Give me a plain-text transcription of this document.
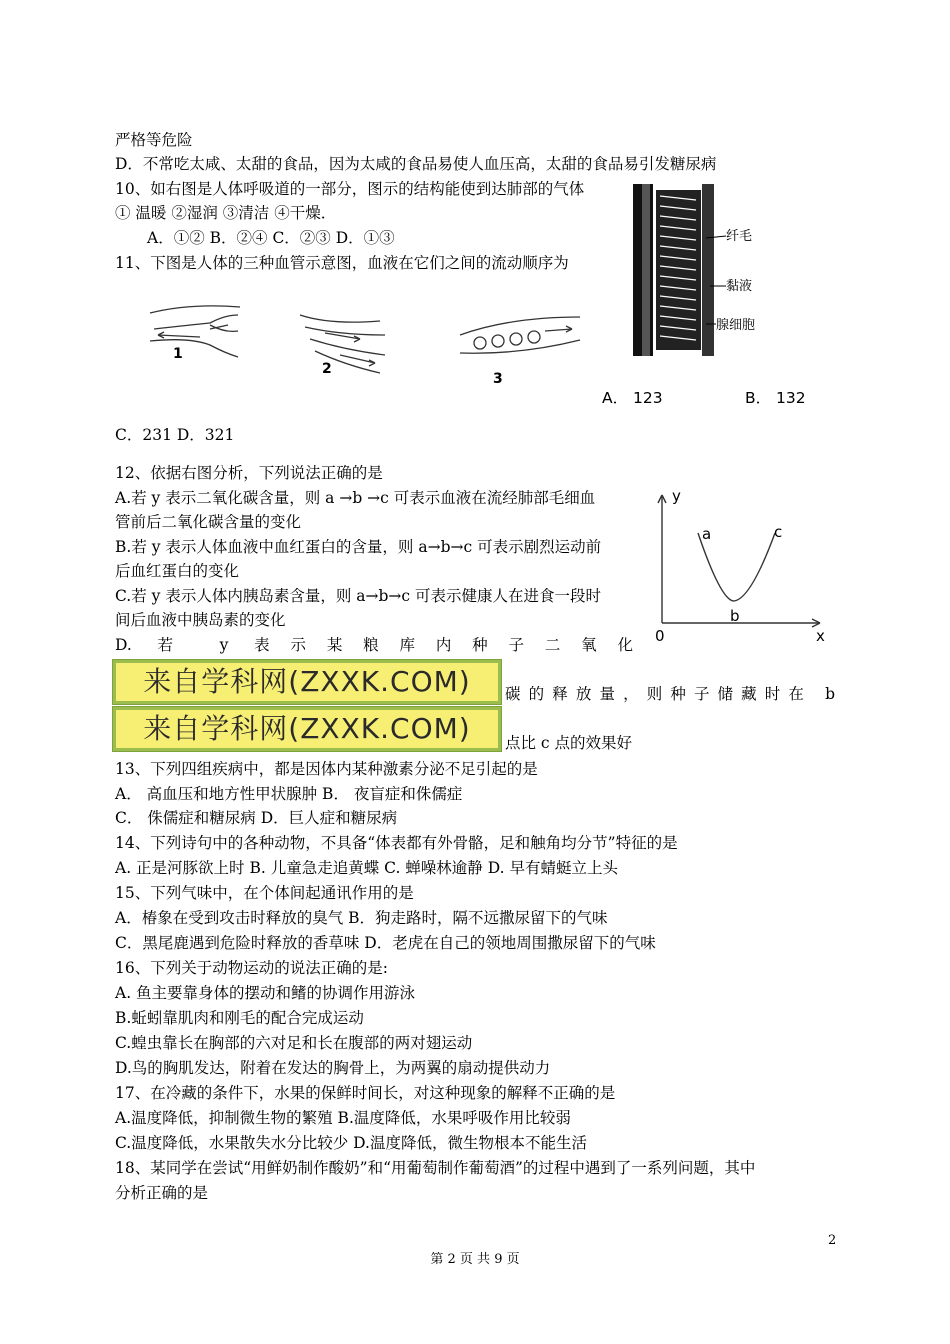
严格等危险
D．不常吃太咸、太甜的食品，因为太咸的食品易使人血压高，太甜的食品易引发糖尿病
10、如右图是人体呼吸道的一部分，图示的结构能使到达肺部的气体
① 温暖 ②湿润 ③清洁 ④干燥．
A．①② B．②④ C．②③ D．①③
11、下图是人体的三种血管示意图，血液在它们之间的流动顺序为
1
2
3
纤毛
黏液
腺细胞
A． 123	B． 132
C．231 D．321
12、依据右图分析，下列说法正确的是
A.若 y 表示二氧化碳含量，则 a →b →c 可表示血液在流经肺部毛细血
管前后二氧化碳含量的变化
B.若 y 表示人体血液中血红蛋白的含量，则 a→b→c 可表示剧烈运动前
后血红蛋白的变化
C.若 y 表示人体内胰岛素含量，则 a→b→c 可表示健康人在进食一段时
间后血液中胰岛素的变化
D. 若 y 表示某粮库内种子二氧化
y
x
0
a
b
c
来自学科网(ZXXK.COM)
来自学科网(ZXXK.COM)
碳的释放量，则种子储藏时在 b
点比 c 点的效果好
13、下列四组疾病中，都是因体内某种激素分泌不足引起的是
A． 高血压和地方性甲状腺肿 B． 夜盲症和侏儒症
C． 侏儒症和糖尿病 D．巨人症和糖尿病
14、下列诗句中的各种动物，不具备“体表都有外骨骼，足和触角均分节”特征的是
A. 正是河豚欲上时 B. 儿童急走追黄蝶 C. 蝉噪林逾静 D. 早有蜻蜓立上头
15、下列气味中，在个体间起通讯作用的是
A．椿象在受到攻击时释放的臭气 B．狗走路时，隔不远撒尿留下的气味
C．黑尾鹿遇到危险时释放的香草味 D．老虎在自己的领地周围撒尿留下的气味
16、下列关于动物运动的说法正确的是:
A. 鱼主要靠身体的摆动和鳍的协调作用游泳
B.蚯蚓靠肌肉和刚毛的配合完成运动
C.蝗虫靠长在胸部的六对足和长在腹部的两对翅运动
D.鸟的胸肌发达，附着在发达的胸骨上，为两翼的扇动提供动力
17、在冷藏的条件下，水果的保鲜时间长，对这种现象的解释不正确的是
A.温度降低，抑制微生物的繁殖 B.温度降低，水果呼吸作用比较弱
C.温度降低，水果散失水分比较少 D.温度降低，微生物根本不能生活
18、某同学在尝试“用鲜奶制作酸奶”和“用葡萄制作葡萄酒”的过程中遇到了一系列问题，其中
分析正确的是
2
第 2 页 共 9 页
